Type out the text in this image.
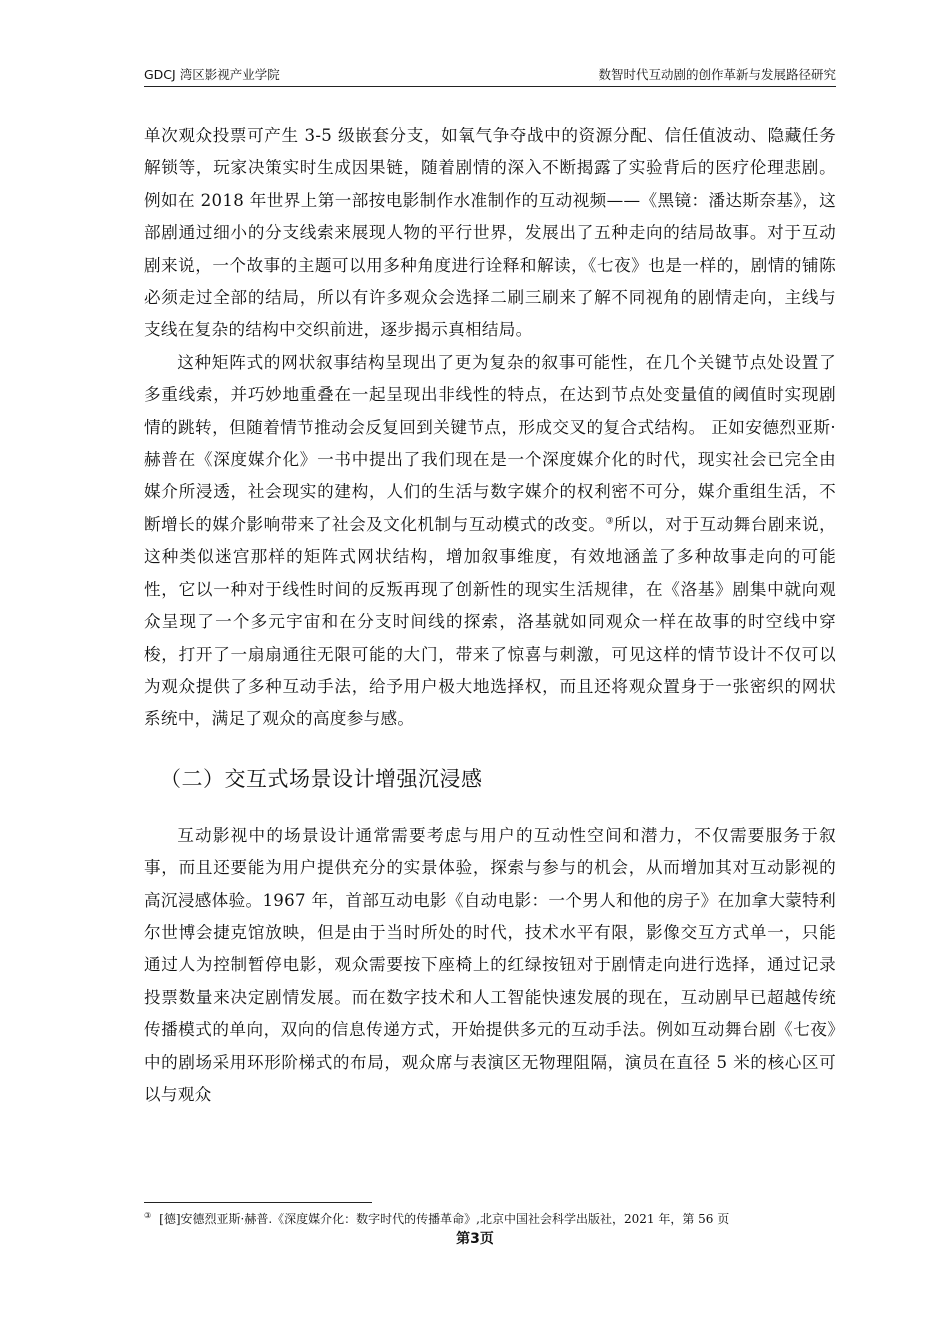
GDCJ 湾区影视产业学院	数智时代互动剧的创作革新与发展路径研究

单次观众投票可产生 3-5 级嵌套分支，如氧气争夺战中的资源分配、信任值波动、隐藏任务解锁等，玩家决策实时生成因果链，随着剧情的深入不断揭露了实验背后的医疗伦理悲剧。例如在 2018 年世界上第一部按电影制作水准制作的互动视频——《黑镜：潘达斯奈基》，这部剧通过细小的分支线索来展现人物的平行世界，发展出了五种走向的结局故事。对于互动剧来说，一个故事的主题可以用多种角度进行诠释和解读，《七夜》也是一样的，剧情的铺陈必须走过全部的结局，所以有许多观众会选择二刷三刷来了解不同视角的剧情走向，主线与支线在复杂的结构中交织前进，逐步揭示真相结局。

这种矩阵式的网状叙事结构呈现出了更为复杂的叙事可能性，在几个关键节点处设置了多重线索，并巧妙地重叠在一起呈现出非线性的特点，在达到节点处变量值的阈值时实现剧情的跳转，但随着情节推动会反复回到关键节点，形成交叉的复合式结构。 正如安德烈亚斯·赫普在《深度媒介化》一书中提出了我们现在是一个深度媒介化的时代，现实社会已完全由媒介所浸透，社会现实的建构，人们的生活与数字媒介的权利密不可分，媒介重组生活，不断增长的媒介影响带来了社会及文化机制与互动模式的改变。③所以，对于互动舞台剧来说，这种类似迷宫那样的矩阵式网状结构，增加叙事维度，有效地涵盖了多种故事走向的可能性，它以一种对于线性时间的反叛再现了创新性的现实生活规律，在《洛基》剧集中就向观众呈现了一个多元宇宙和在分支时间线的探索，洛基就如同观众一样在故事的时空线中穿梭，打开了一扇扇通往无限可能的大门，带来了惊喜与刺激，可见这样的情节设计不仅可以为观众提供了多种互动手法，给予用户极大地选择权，而且还将观众置身于一张密织的网状系统中，满足了观众的高度参与感。

（二）交互式场景设计增强沉浸感

互动影视中的场景设计通常需要考虑与用户的互动性空间和潜力，不仅需要服务于叙事，而且还要能为用户提供充分的实景体验，探索与参与的机会，从而增加其对互动影视的高沉浸感体验。1967 年，首部互动电影《自动电影：一个男人和他的房子》在加拿大蒙特利尔世博会捷克馆放映，但是由于当时所处的时代，技术水平有限，影像交互方式单一，只能通过人为控制暂停电影，观众需要按下座椅上的红绿按钮对于剧情走向进行选择，通过记录投票数量来决定剧情发展。而在数字技术和人工智能快速发展的现在，互动剧早已超越传统传播模式的单向，双向的信息传递方式，开始提供多元的互动手法。例如互动舞台剧《七夜》中的剧场采用环形阶梯式的布局，观众席与表演区无物理阻隔，演员在直径 5 米的核心区可以与观众

③ [德]安德烈亚斯·赫普.《深度媒介化：数字时代的传播革命》,北京中国社会科学出版社，2021 年，第 56 页
第3页
